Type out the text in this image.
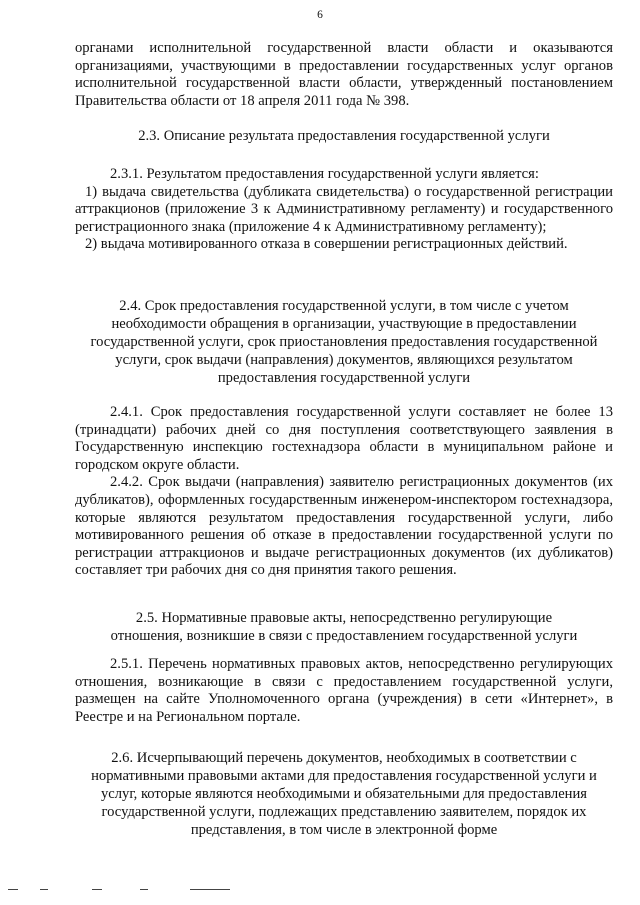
6

органами исполнительной государственной власти области и оказываются организациями, участвующими в предоставлении государственных услуг органов исполнительной государственной власти области, утвержденный постановлением Правительства области от 18 апреля 2011 года № 398.

2.3. Описание результата предоставления государственной услуги

2.3.1. Результатом предоставления государственной услуги является:

1) выдача свидетельства (дубликата свидетельства) о государственной регистрации аттракционов (приложение 3 к Административному регламенту) и государственного регистрационного знака (приложение 4 к Административному регламенту);

2) выдача мотивированного отказа в совершении регистрационных действий.

2.4. Срок предоставления государственной услуги, в том числе с учетом

необходимости обращения в организации, участвующие в предоставлении

государственной услуги, срок приостановления предоставления государственной

услуги, срок выдачи (направления) документов, являющихся результатом

предоставления государственной услуги

2.4.1. Срок предоставления государственной услуги составляет не более 13 (тринадцати) рабочих дней со дня поступления соответствующего заявления в Государственную инспекцию гостехнадзора области в муниципальном районе и городском округе области.

2.4.2. Срок выдачи (направления) заявителю регистрационных документов (их дубликатов), оформленных государственным инженером-инспектором гостехнадзора, которые являются результатом предоставления государственной услуги, либо мотивированного решения об отказе в предоставлении государственной услуги по регистрации аттракционов и выдаче регистрационных документов (их дубликатов) составляет три рабочих дня со дня принятия такого решения.

2.5. Нормативные правовые акты, непосредственно регулирующие

отношения, возникшие в связи с предоставлением государственной услуги

2.5.1. Перечень нормативных правовых актов, непосредственно регулирующих отношения, возникающие в связи с предоставлением государственной услуги, размещен на сайте Уполномоченного органа (учреждения) в сети «Интернет», в Реестре и на Региональном портале.

2.6. Исчерпывающий перечень документов, необходимых в соответствии с

нормативными правовыми актами для предоставления государственной услуги и

услуг, которые являются необходимыми и обязательными для предоставления

государственной услуги, подлежащих представлению заявителем, порядок их

представления, в том числе в электронной форме
